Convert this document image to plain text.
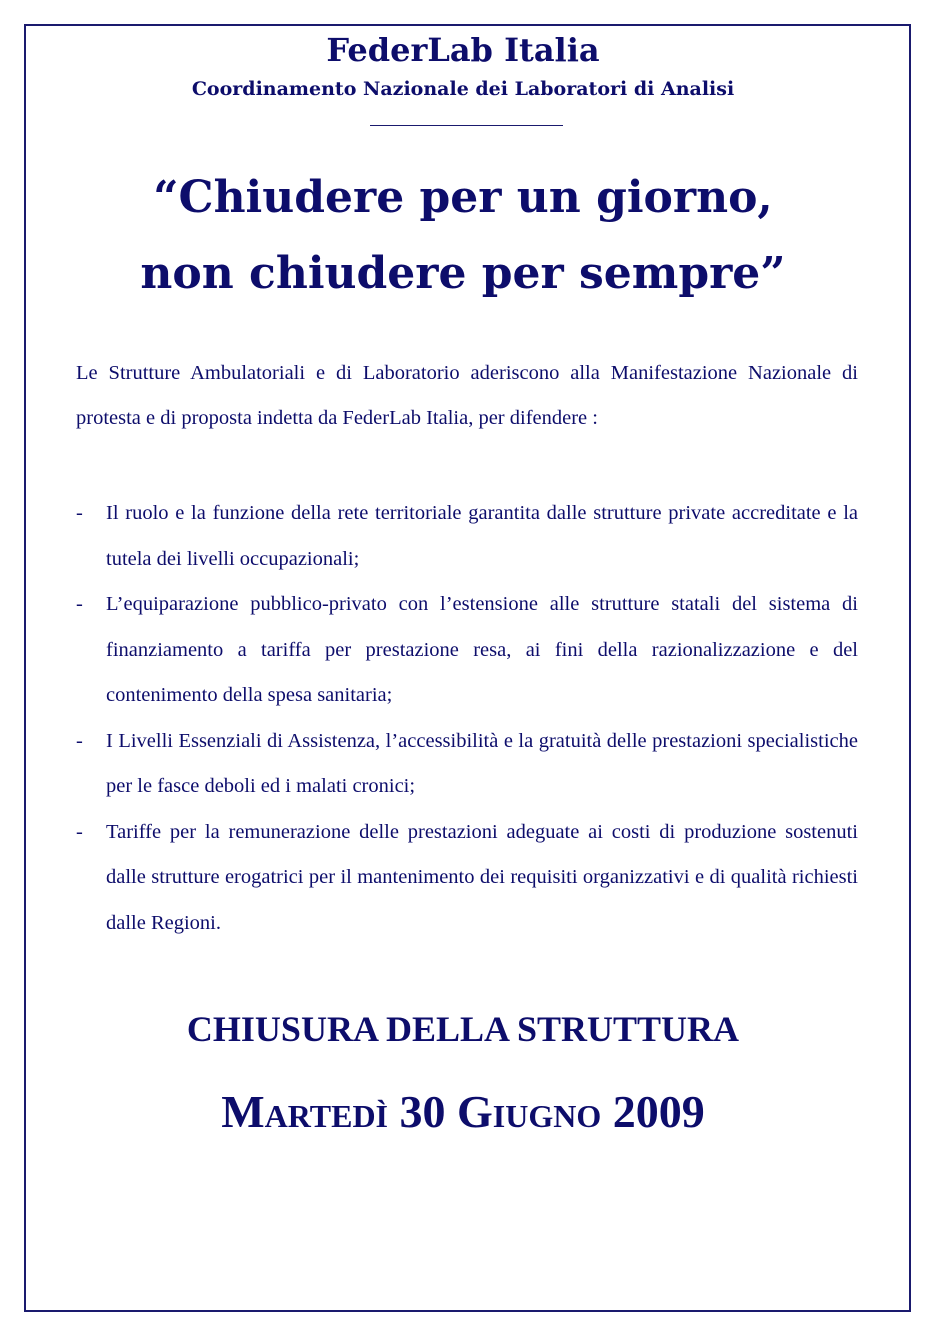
FederLab Italia
Coordinamento Nazionale dei Laboratori di Analisi
“Chiudere per un giorno,
non chiudere per sempre”

Le Strutture Ambulatoriali e di Laboratorio aderiscono alla Manifestazione Nazionale di protesta e di proposta indetta da FederLab Italia, per difendere :

- Il ruolo e la funzione della rete territoriale garantita dalle strutture private accreditate e la tutela dei livelli occupazionali;
- L’equiparazione pubblico-privato con l’estensione alle strutture statali del sistema di finanziamento a tariffa per prestazione resa, ai fini della razionalizzazione e del contenimento della spesa sanitaria;
- I Livelli Essenziali di Assistenza, l’accessibilità e la gratuità delle prestazioni specialistiche per le fasce deboli ed i malati cronici;
- Tariffe per la remunerazione delle prestazioni adeguate ai costi di produzione sostenuti dalle strutture erogatrici per il mantenimento dei requisiti organizzativi e di qualità richiesti dalle Regioni.
CHIUSURA DELLA STRUTTURA
Martedì 30 Giugno 2009
